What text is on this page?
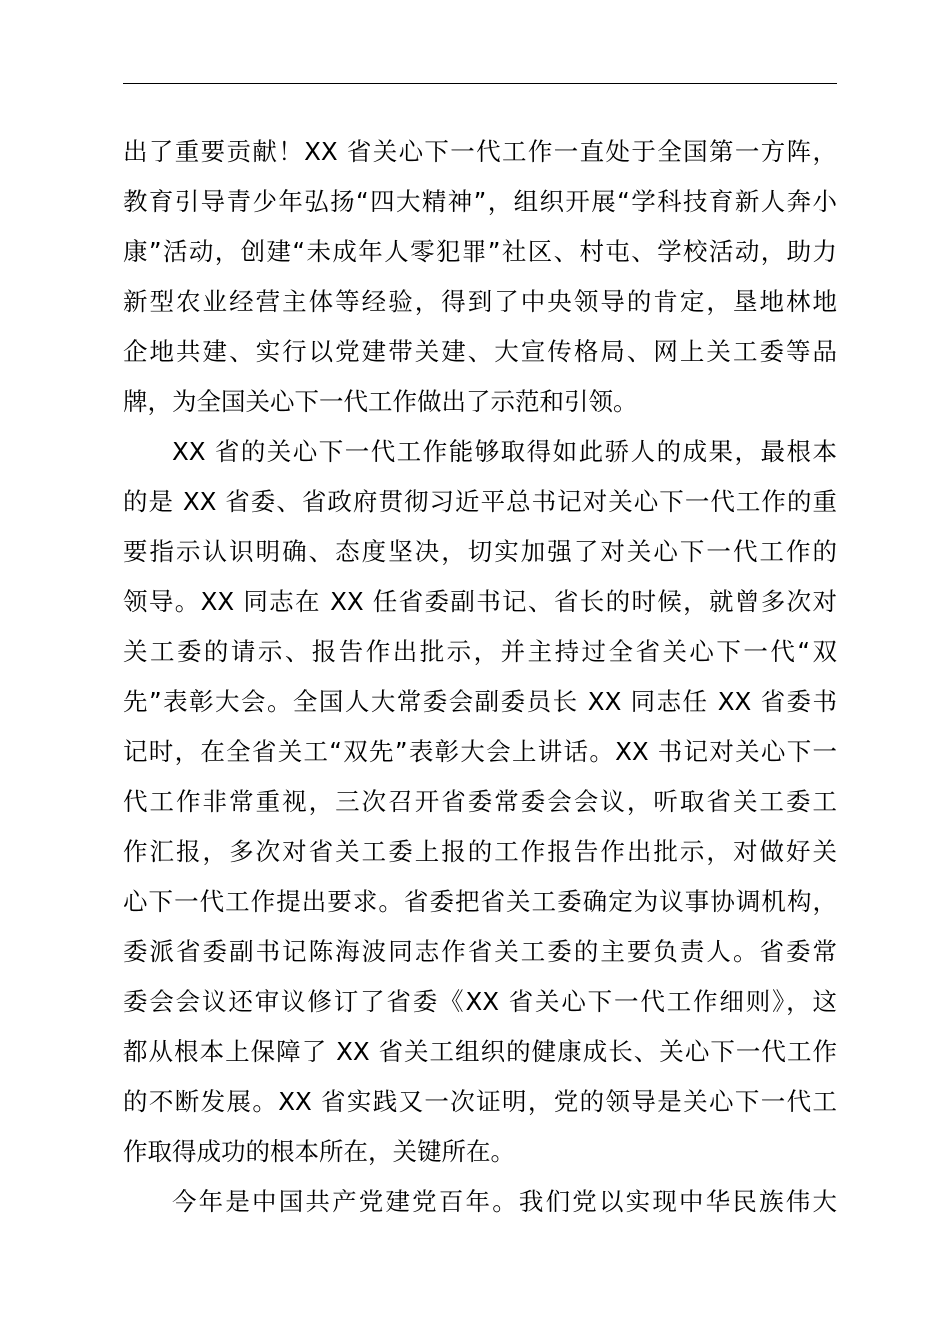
出了重要贡献！XX 省关心下一代工作一直处于全国第一方阵，
教育引导青少年弘扬“四大精神”，组织开展“学科技育新人奔小
康”活动，创建“未成年人零犯罪”社区、村屯、学校活动，助力
新型农业经营主体等经验，得到了中央领导的肯定，垦地林地
企地共建、实行以党建带关建、大宣传格局、网上关工委等品
牌，为全国关心下一代工作做出了示范和引领。
XX 省的关心下一代工作能够取得如此骄人的成果，最根本
的是 XX 省委、省政府贯彻习近平总书记对关心下一代工作的重
要指示认识明确、态度坚决，切实加强了对关心下一代工作的
领导。XX 同志在 XX 任省委副书记、省长的时候，就曾多次对
关工委的请示、报告作出批示，并主持过全省关心下一代“双
先”表彰大会。全国人大常委会副委员长 XX 同志任 XX 省委书
记时，在全省关工“双先”表彰大会上讲话。XX 书记对关心下一
代工作非常重视，三次召开省委常委会会议，听取省关工委工
作汇报，多次对省关工委上报的工作报告作出批示，对做好关
心下一代工作提出要求。省委把省关工委确定为议事协调机构，
委派省委副书记陈海波同志作省关工委的主要负责人。省委常
委会会议还审议修订了省委《XX 省关心下一代工作细则》，这
都从根本上保障了 XX 省关工组织的健康成长、关心下一代工作
的不断发展。XX 省实践又一次证明，党的领导是关心下一代工
作取得成功的根本所在，关键所在。
今年是中国共产党建党百年。我们党以实现中华民族伟大
